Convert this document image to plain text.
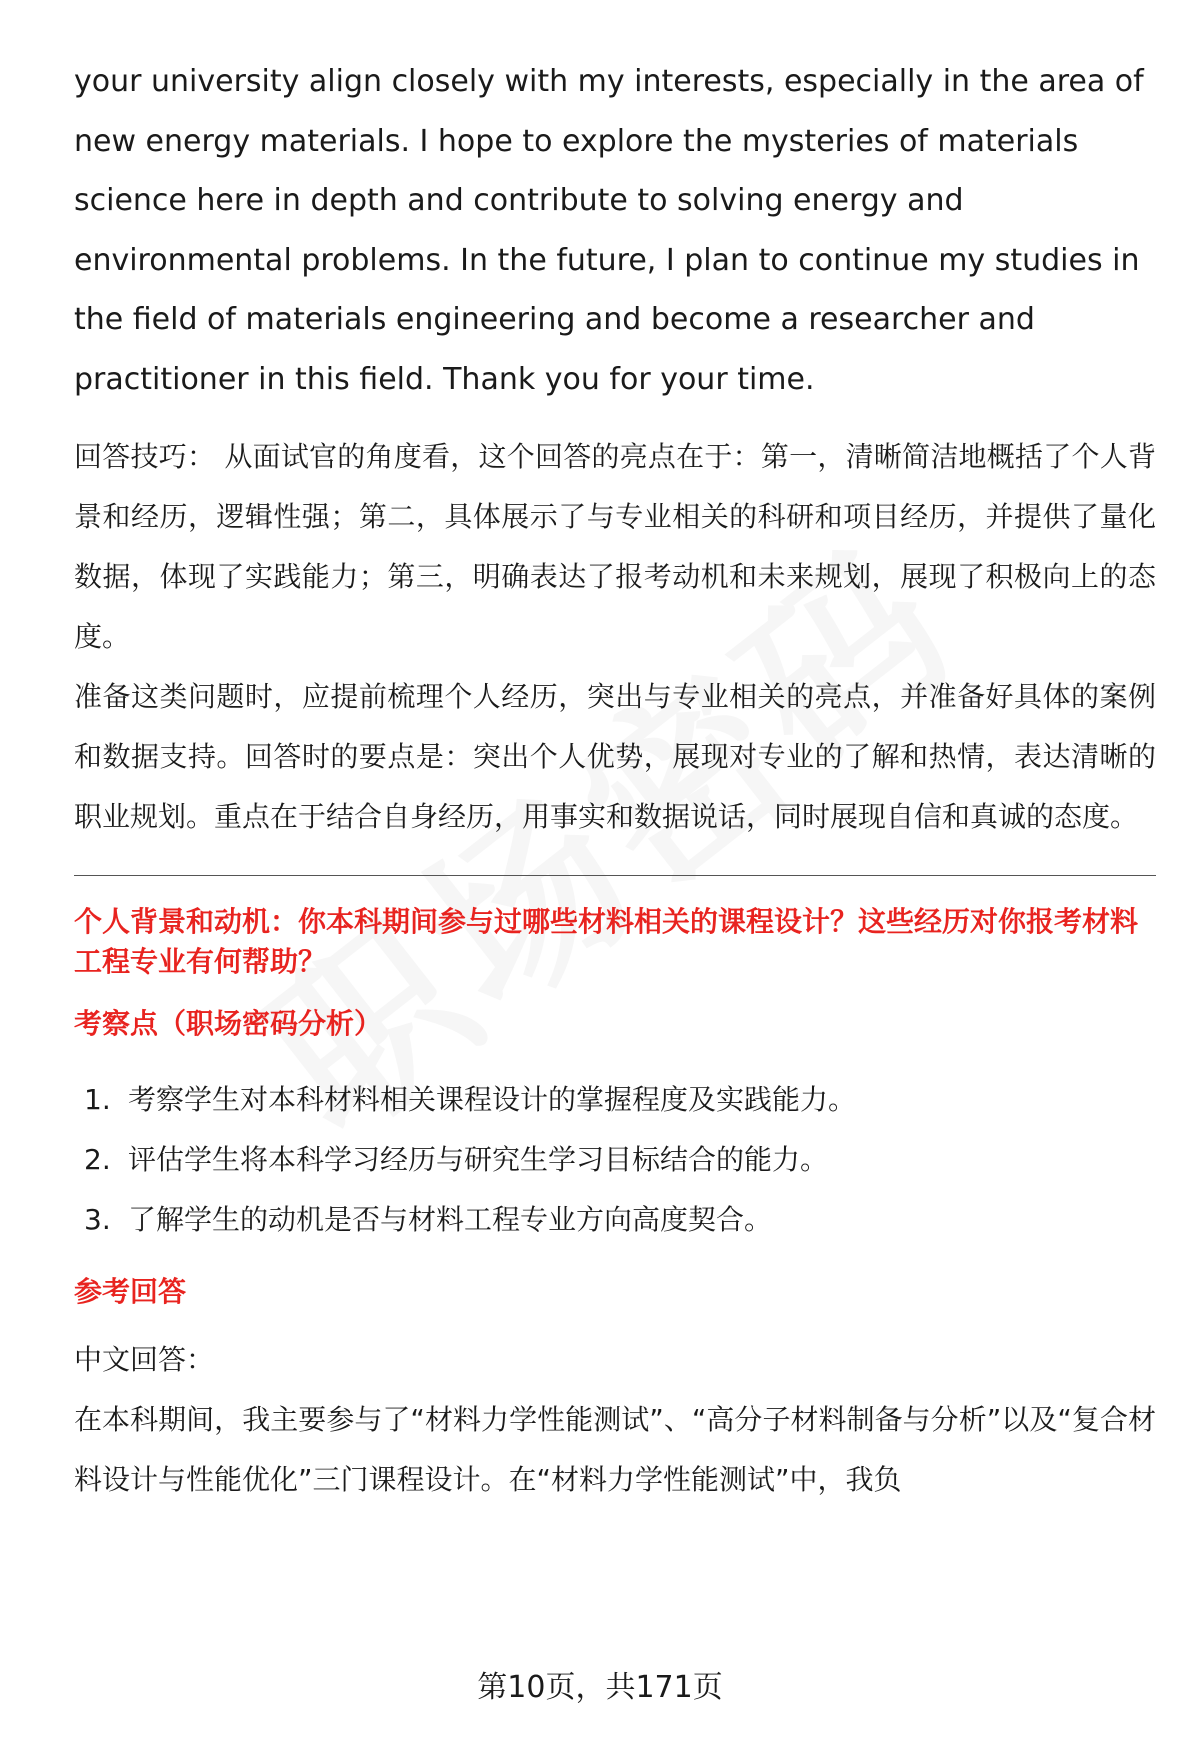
your university align closely with my interests, especially in the area of new energy materials. I hope to explore the mysteries of materials science here in depth and contribute to solving energy and environmental problems. In the future, I plan to continue my studies in the field of materials engineering and become a researcher and practitioner in this field. Thank you for your time.

回答技巧： 从面试官的角度看，这个回答的亮点在于：第一，清晰简洁地概括了个人背景和经历，逻辑性强；第二，具体展示了与专业相关的科研和项目经历，并提供了量化数据，体现了实践能力；第三，明确表达了报考动机和未来规划，展现了积极向上的态度。

准备这类问题时，应提前梳理个人经历，突出与专业相关的亮点，并准备好具体的案例和数据支持。回答时的要点是：突出个人优势，展现对专业的了解和热情，表达清晰的职业规划。重点在于结合自身经历，用事实和数据说话，同时展现自信和真诚的态度。

个人背景和动机：你本科期间参与过哪些材料相关的课程设计？这些经历对你报考材料工程专业有何帮助？
考察点（职场密码分析）
1. 考察学生对本科材料相关课程设计的掌握程度及实践能力。
2. 评估学生将本科学习经历与研究生学习目标结合的能力。
3. 了解学生的动机是否与材料工程专业方向高度契合。
参考回答

中文回答：

在本科期间，我主要参与了“材料力学性能测试”、“高分子材料制备与分析”以及“复合材料设计与性能优化”三门课程设计。在“材料力学性能测试”中，我负

第10页，共171页
